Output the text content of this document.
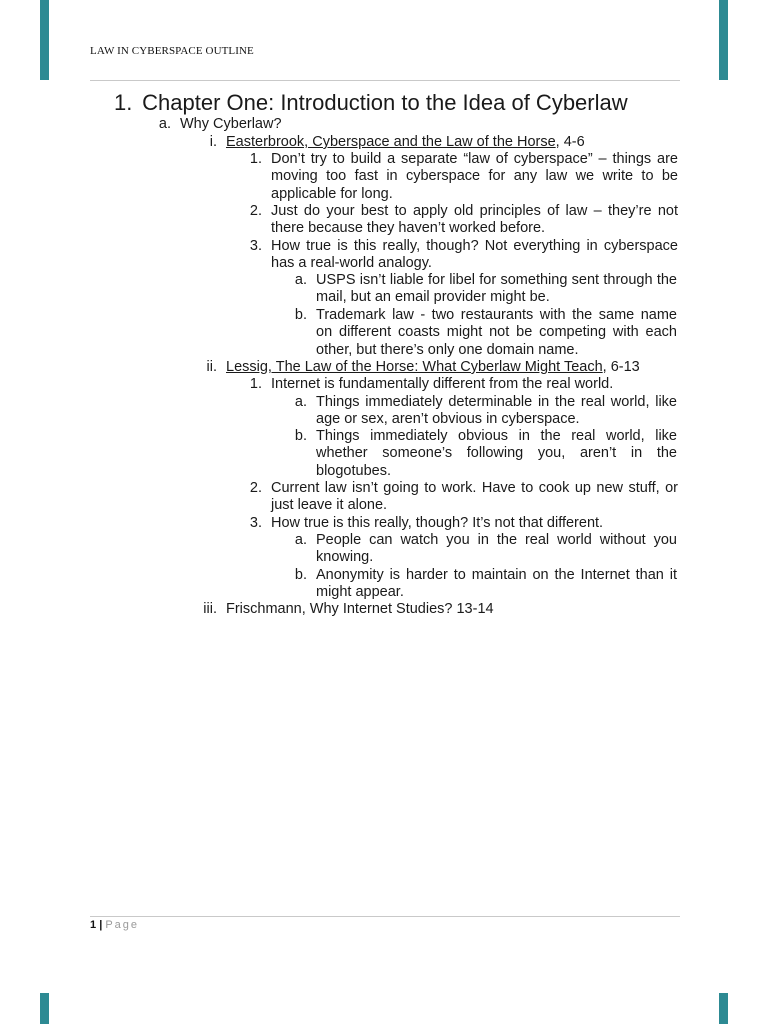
LAW IN CYBERSPACE OUTLINE
1. Chapter One: Introduction to the Idea of Cyberlaw
a. Why Cyberlaw?
i. Easterbrook, Cyberspace and the Law of the Horse, 4-6
1. Don’t try to build a separate “law of cyberspace” – things are moving too fast in cyberspace for any law we write to be applicable for long.
2. Just do your best to apply old principles of law – they’re not there because they haven’t worked before.
3. How true is this really, though? Not everything in cyberspace has a real-world analogy.
a. USPS isn’t liable for libel for something sent through the mail, but an email provider might be.
b. Trademark law - two restaurants with the same name on different coasts might not be competing with each other, but there’s only one domain name.
ii. Lessig, The Law of the Horse: What Cyberlaw Might Teach, 6-13
1. Internet is fundamentally different from the real world.
a. Things immediately determinable in the real world, like age or sex, aren’t obvious in cyberspace.
b. Things immediately obvious in the real world, like whether someone’s following you, aren’t in the blogotubes.
2. Current law isn’t going to work. Have to cook up new stuff, or just leave it alone.
3. How true is this really, though? It’s not that different.
a. People can watch you in the real world without you knowing.
b. Anonymity is harder to maintain on the Internet than it might appear.
iii. Frischmann, Why Internet Studies? 13-14
1 | Page
